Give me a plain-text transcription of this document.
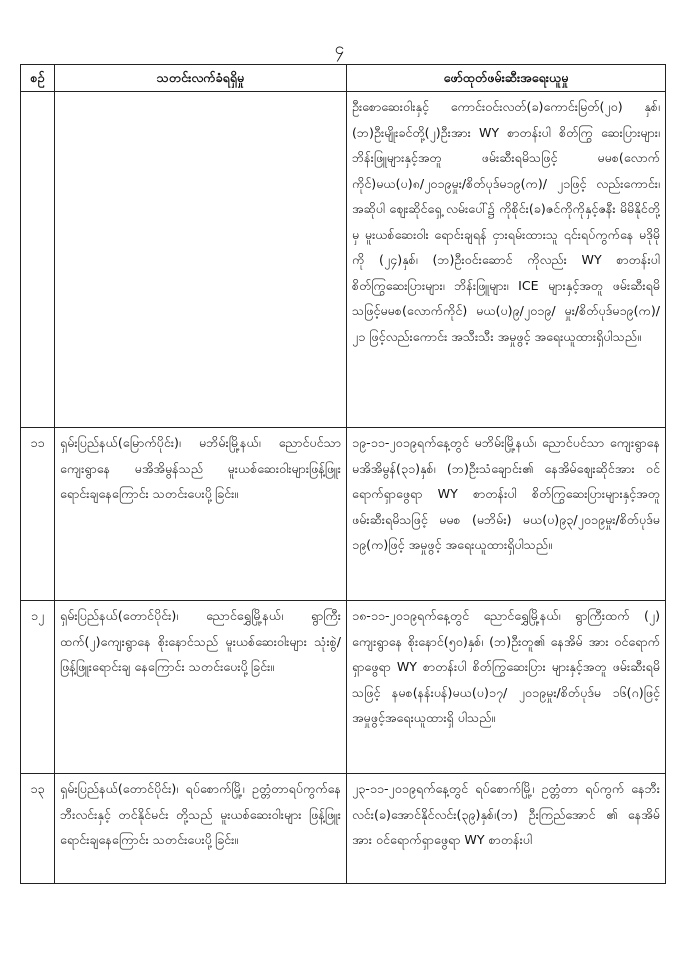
၄
စဉ်	သတင်းလက်ခံရရှိမှု	ဖော်ထုတ်ဖမ်းဆီးအရေးယူမှု
		ဦးစောဆေးဝါးနှင့် ကောင်းဝင်းလတ်(ခ)ကောင်းမြတ်(၂၀) နှစ်၊ (ဘ)ဦးမျိုးခင်တို့(၂)ဦးအား WY စာတန်းပါ စိတ်ကြွ ဆေးပြားများ၊ ဘိန်းဖြူများနှင့်အတူ ဖမ်းဆီးရမိသဖြင့် မမစ(လောက်ကိုင်)မယ(ပ)၈/၂၀၁၉မှုး/စိတ်ပုဒ်မ၁၉(က)/ ၂၁ဖြင့် လည်းကောင်း၊ အဆိုပါ ဈေးဆိုင်ရှေ့ လမ်းပေါ်၌ ကိုစိုင်း(ခ)ဇင်ကိုကိုနှင့်ဇနီး မိမိနိုင်တို့မှ မူးယစ်ဆေးဝါး ရောင်းချရန် ငှားရမ်းထားသူ ၎င်းရပ်ကွက်နေ မဒိုမိုကို (၂၄)နှစ်၊ (ဘ)ဦးဝင်းဆောင် ကိုလည်း WY စာတန်းပါ စိတ်ကြွဆေးပြားများ၊ ဘိန်းဖြူများ၊ ICE များနှင့်အတူ ဖမ်းဆီးရမိသဖြင့်မမစ(လောက်ကိုင်) မယ(ပ)၉/၂၀၁၉/ မှုး/စိတ်ပုဒ်မ၁၉(က)/၂၁ ဖြင့်လည်းကောင်း အသီးသီး အမှုဖွင့် အရေးယူထားရှိပါသည်။
၁၁	ရှမ်းပြည်နယ်(မြောက်ပိုင်း)၊ မဘိမ်းမြို့နယ်၊ ညောင်ပင်သာကျေးရွာနေ မအိအိမွန်သည် မူးယစ်ဆေးဝါးများဖြန့်ဖြူး ရောင်းချနေကြောင်း သတင်းပေးပို့ခြင်း။	၁၉-၁၁-၂၀၁၉ရက်နေ့တွင် မဘိမ်းမြို့နယ်၊ ညောင်ပင်သာ ကျေးရွာနေ မအိအိမွန်(၃၁)နှစ်၊ (ဘ)ဦးသံချောင်း၏ နေအိမ်ဈေးဆိုင်အား ဝင်ရောက်ရှာဖွေရာ WY စာတန်းပါ စိတ်ကြွဆေးပြားများနှင့်အတူ ဖမ်းဆီးရမိသဖြင့် မမစ (မဘိမ်း) မယ(ပ)၉၃/၂၀၁၉မှုး/စိတ်ပုဒ်မ ၁၉(က)ဖြင့် အမှုဖွင့် အရေးယူထားရှိပါသည်။
၁၂	ရှမ်းပြည်နယ်(တောင်ပိုင်း)၊ ညောင်ရွှေမြို့နယ်၊ ရွာကြီးထက်(၂)ကျေးရွာနေ စိုးနောင်သည် မူးယစ်ဆေးဝါးများ သုံးစွဲ/ဖြန့်ဖြူးရောင်းချ နေကြောင်း သတင်းပေးပို့ခြင်း။	၁၈-၁၁-၂၀၁၉ရက်နေ့တွင် ညောင်ရွှေမြို့နယ်၊ ရွာကြီးထက် (၂) ကျေးရွာနေ စိုးနောင်(၅၀)နှစ်၊ (ဘ)ဦးတူ၏ နေအိမ် အား ဝင်ရောက်ရှာဖွေရာ WY စာတန်းပါ စိတ်ကြွဆေးပြား များနှင့်အတူ ဖမ်းဆီးရမိသဖြင့် နမစ(နန်းပန်)မယ(ပ)၁၇/ ၂၀၁၉မှုး/စိတ်ပုဒ်မ ၁၆(ဂ)ဖြင့် အမှုဖွင့်အရေးယူထားရှိ ပါသည်။
၁၃	ရှမ်းပြည်နယ်(တောင်ပိုင်း)၊ ရပ်စောက်မြို့၊ ဥတ္တံတာရပ်ကွက်နေ ဘီးလင်းနှင့် တင်နိုင်မင်း တို့သည် မူးယစ်ဆေးဝါးများ ဖြန့်ဖြူး ရောင်းချနေကြောင်း သတင်းပေးပို့ခြင်း။	၂၃-၁၁-၂၀၁၉ရက်နေ့တွင် ရပ်စောက်မြို့၊ ဥတ္တံတာ ရပ်ကွက် နေဘီးလင်း(ခ)အောင်နိုင်လင်း(၃၉)နှစ်၊(ဘ) ဦးကြည်အောင် ၏ နေအိမ်အား ဝင်ရောက်ရှာဖွေရာ WY စာတန်းပါ
